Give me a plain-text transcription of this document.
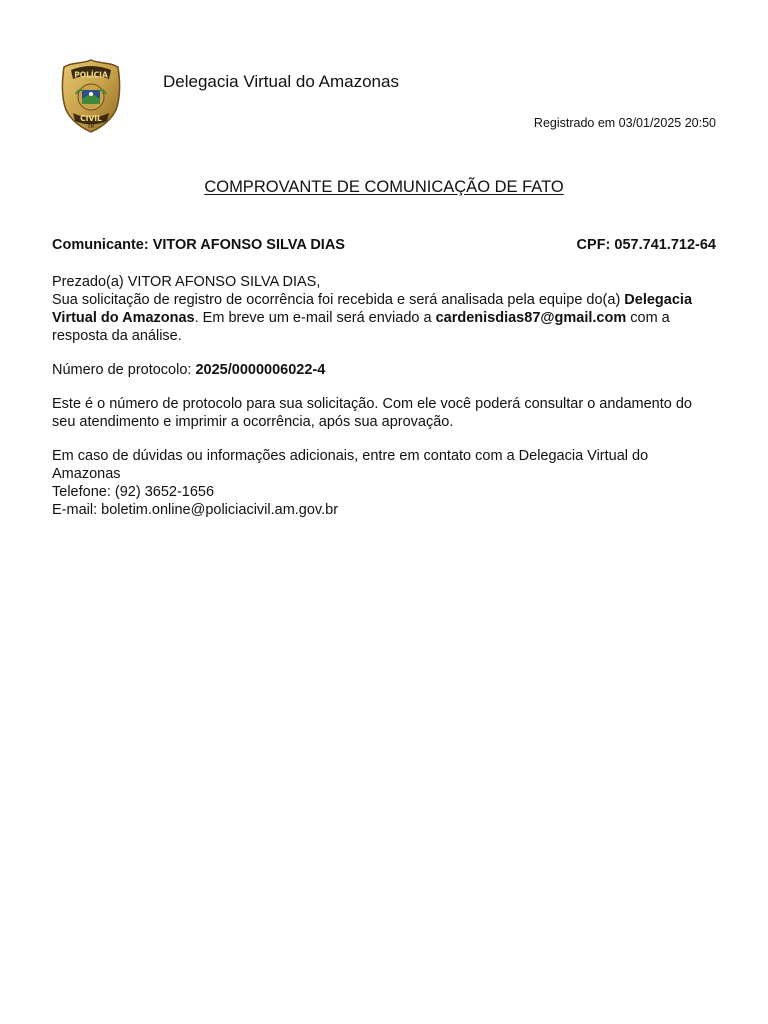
POLÍCIA
CIVIL
AM
Delegacia Virtual do Amazonas
Registrado em 03/01/2025 20:50
COMPROVANTE DE COMUNICAÇÃO DE FATO
Comunicante: VITOR AFONSO SILVA DIAS	CPF: 057.741.712-64

Prezado(a) VITOR AFONSO SILVA DIAS,
Sua solicitação de registro de ocorrência foi recebida e será analisada pela equipe do(a) Delegacia Virtual do Amazonas. Em breve um e-mail será enviado a cardenisdias87@gmail.com com a resposta da análise.

Número de protocolo: 2025/0000006022-4

Este é o número de protocolo para sua solicitação. Com ele você poderá consultar o andamento do seu atendimento e imprimir a ocorrência, após sua aprovação.

Em caso de dúvidas ou informações adicionais, entre em contato com a Delegacia Virtual do Amazonas
Telefone: (92) 3652-1656
E-mail: boletim.online@policiacivil.am.gov.br
